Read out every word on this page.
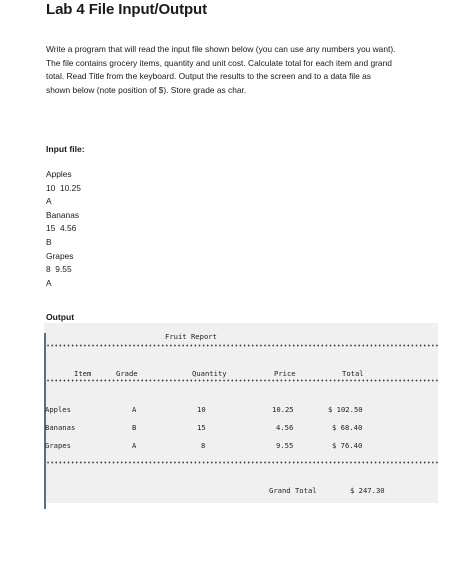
Lab 4 File Input/Output
Write a program that will read the input file shown below (you can use any numbers you want).
The file contains grocery items, quantity and unit cost. Calculate total for each item and grand
total. Read Title from the keyboard. Output the results to the screen and to a data file as
shown below (note position of $). Store grade as char.
Input file:
Apples
10  10.25
A
Bananas
15  4.56
B
Grapes
8  9.55
A
Output
Fruit Report
Item	Grade	Quantity	Price	Total
Apples	A	10	10.25	$ 102.50
Bananas	B	15	4.56	$ 68.40
Grapes	A	8	9.55	$ 76.40
Grand Total	$ 247.30
